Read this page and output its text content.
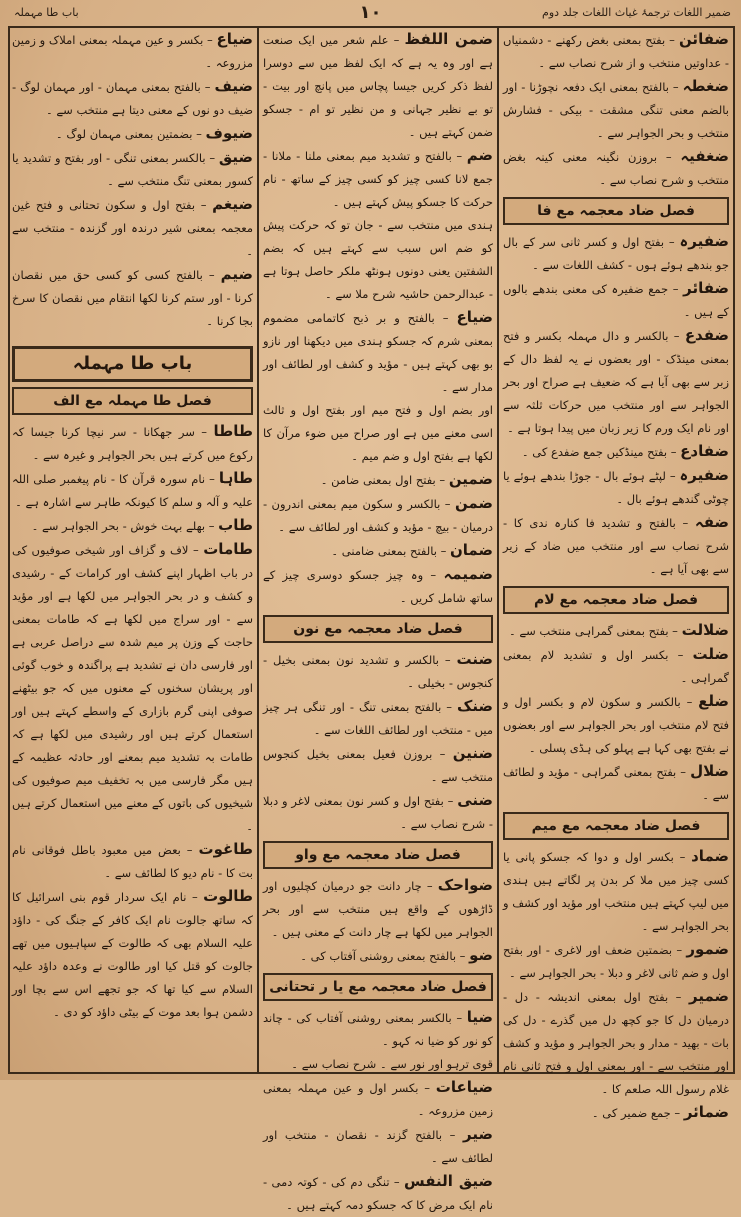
ضمیر اللغات ترجمۂ غیاث اللغات جلد دوم
۱۰
باب طا مہملہ
ضفائن – بفتح بمعنی بغض رکھنے - دشمنیاں - عداوتیں منتخب و از شرح نصاب سے ۔
ضغطہ – بالفتح بمعنی ایک دفعہ نچوڑنا - اور بالضم معنی تنگی مشقت - بیکی - فشارش منتخب و بحر الجواہر سے ۔
ضغفیہ – بروزن نگینہ معنی کینہ بغض منتخب و شرح نصاب سے ۔
فصل ضاد معجمہ مع فا
ضفیرہ – بفتح اول و کسر ثانی سر کے بال جو بندھے ہوئے ہوں - کشف اللغات سے ۔
ضفائر – جمع ضفیرہ کی معنی بندھے بالوں کے ہیں ۔
ضفدع – بالکسر و دال مہملہ بکسر و فتح بمعنی مینڈک - اور بعضوں نے یہ لفظ دال کے زبر سے بھی آیا ہے کہ ضعیف ہے صراح اور بحر الجواہر سے اور منتخب میں حرکات ثلثہ سے اور نام ایک ورم کا زیر زبان میں پیدا ہوتا ہے ۔
ضفادع – بفتح مینڈکیں جمع ضفدع کی ۔
ضفیرہ – لپٹے ہوئے بال - جوڑا بندھے ہوئے یا چوٹی گندھے ہوئے بال ۔
ضفہ – بالفتح و تشدید فا کنارہ ندی کا - شرح نصاب سے اور منتخب میں ضاد کے زیر سے بھی آیا ہے ۔
فصل ضاد معجمہ مع لام
ضلالت – بفتح بمعنی گمراہی منتخب سے ۔
ضلت – بکسر اول و تشدید لام بمعنی گمراہی ۔
ضلع – بالکسر و سکون لام و بکسر اول و فتح لام منتخب اور بحر الجواہر سے اور بعضوں نے بفتح بھی کہا ہے پہلو کی ہڈی پسلی ۔
ضلال – بفتح بمعنی گمراہی - مؤید و لطائف سے ۔
فصل ضاد معجمہ مع میم
ضماد – بکسر اول و دوا کہ جسکو پانی یا کسی چیز میں ملا کر بدن پر لگاتے ہیں ہندی میں لیپ کہتے ہیں منتخب اور مؤید اور کشف و بحر الجواہر سے ۔
ضمور – بضمتین ضعف اور لاغری - اور بفتح اول و ضم ثانی لاغر و دبلا - بحر الجواہر سے ۔
ضمیر – بفتح اول بمعنی اندیشہ - دل - درمیان دل کا جو کچھ دل میں گذرے - دل کی بات - بھید - مدار و بحر الجواہر و مؤید و کشف اور منتخب سے - اور بمعنی اول و فتح ثانی نام غلام رسول اللہ صلعم کا ۔
ضمائر – جمع ضمیر کی ۔
ضمن اللفظ – علم شعر میں ایک صنعت ہے اور وہ یہ ہے کہ ایک لفظ میں سے دوسرا لفظ ذکر کریں جیسا پچاس میں پانچ اور بیت - تو بے نظیر جہانی و من نظیر تو ام - جسکو ضمن کہتے ہیں ۔
ضم – بالفتح و تشدید میم بمعنی ملنا - ملانا - جمع لانا کسی چیز کو کسی چیز کے ساتھ - نام حرکت کا جسکو پیش کہتے ہیں ۔
ہندی میں منتخب سے - جان تو کہ حرکت پیش کو ضم اس سبب سے کہتے ہیں کہ بضم الشفتین یعنی دونوں ہونٹھ ملکر حاصل ہوتا ہے - عبدالرحمن حاشیہ شرح ملا سے ۔
ضیاع – بالفتح و بر ذبح کاتمامی مضموم بمعنی شرم کہ جسکو ہندی میں دیکھنا اور نازو بو بھی کہتے ہیں - مؤید و کشف اور لطائف اور مدار سے ۔
اور بضم اول و فتح میم اور بفتح اول و ثالث اسی معنے میں ہے اور صراح میں ضوء مرآن کا لکھا ہے بفتح اول و ضم میم ۔
ضمین – بفتح اول بمعنی ضامن ۔
ضمن – بالکسر و سکون میم بمعنی اندرون - درمیان - بیچ - مؤید و کشف اور لطائف سے ۔
ضمان – بالفتح بمعنی ضامنی ۔
ضمیمہ – وہ چیز جسکو دوسری چیز کے ساتھ شامل کریں ۔
فصل ضاد معجمہ مع نون
ضنت – بالکسر و تشدید نون بمعنی بخیل - کنجوس - بخیلی ۔
ضنک – بالفتح بمعنی تنگ - اور تنگی ہر چیز میں - منتخب اور لطائف اللغات سے ۔
ضنین – بروزن فعیل بمعنی بخیل کنجوس منتخب سے ۔
ضنی – بفتح اول و کسر نون بمعنی لاغر و دبلا - شرح نصاب سے ۔
فصل ضاد معجمہ مع واو
ضواحک – چار دانت جو درمیان کچلیوں اور ڈاڑھوں کے واقع ہیں منتخب سے اور بحر الجواہر میں لکھا ہے چار دانت کے معنی ہیں ۔
ضو – بالفتح بمعنی روشنی آفتاب کی ۔
فصل ضاد معجمہ مع یا ر تحتانی
ضیا – بالکسر بمعنی روشنی آفتاب کی - چاند کو نور کو ضیا نہ کہو ۔
قوی ترہو اور نور سے ۔ شرح نصاب سے ۔
ضیاعات – بکسر اول و عین مہملہ بمعنی زمین مزروعہ ۔
ضیر – بالفتح گزند - نقصان - منتخب اور لطائف سے ۔
ضیق النفس – تنگی دم کی - کوتہ دمی - نام ایک مرض کا کہ جسکو دمہ کہتے ہیں ۔
ضیاع – بکسر و عین مہملہ بمعنی املاک و زمین مزروعہ ۔
ضیف – بالفتح بمعنی مہمان - اور مہمان لوگ - ضیف دو نوں کے معنی دیتا ہے منتخب سے ۔
ضیوف – بضمتین بمعنی مہمان لوگ ۔
ضیق – بالکسر بمعنی تنگی - اور بفتح و تشدید یا کسور بمعنی تنگ منتخب سے ۔
ضیغم – بفتح اول و سکون تحتانی و فتح غین معجمہ بمعنی شیر درندہ اور گزندہ - منتخب سے ۔
ضیم – بالفتح کسی کو کسی حق میں نقصان کرنا - اور ستم کرنا لکھا انتقام میں نقصان کا سرخ بجا کرنا ۔
باب طا مہملہ
فصل طا مہملہ مع الف
طاطا – سر جھکانا - سر نیچا کرنا جیسا کہ رکوع میں کرتے ہیں بحر الجواہر و غیرہ سے ۔
طاہا – نام سورہ قرآن کا - نام پیغمبر صلی اللہ علیہ و آلہ و سلم کا کیونکہ طاہر سے اشارہ ہے ۔
طاب – بھلے بہت خوش - بحر الجواہر سے ۔
طامات – لاف و گزاف اور شیخی صوفیوں کی در باب اظہار اپنے کشف اور کرامات کے - رشیدی و کشف و در بحر الجواہر میں لکھا ہے اور مؤید سے - اور سراج میں لکھا ہے کہ طامات بمعنی حاجت کے وزن پر میم شدہ سے دراصل عربی ہے اور فارسی دان نے تشدید ہے پراگندہ و خوب گوئی اور پریشان سخنوں کے معنوں میں کہ جو بیٹھنے صوفی اپنی گرم بازاری کے واسطے کہتے ہیں اور استعمال کرتے ہیں اور رشیدی میں لکھا ہے کہ طامات بہ تشدید میم بمعنے اور حادثہ عظیمہ کے ہیں مگر فارسی میں بہ تخفیف میم صوفیوں کی شیخیوں کی باتوں کے معنے میں استعمال کرتے ہیں ۔
طاغوت – بعض میں معبود باطل فوقانی نام بت کا - نام دیو کا لطائف سے ۔
طالوت – نام ایک سردار قوم بنی اسرائیل کا کہ ساتھ جالوت نام ایک کافر کے جنگ کی - داؤد علیہ السلام بھی کہ طالوت کے سپاہیوں میں تھے جالوت کو قتل کیا اور طالوت نے وعدہ داؤد علیہ السلام سے کیا تھا کہ جو تجھے اس سے بچا اور دشمن ہوا بعد موت کے بیٹی داؤد کو دی ۔
